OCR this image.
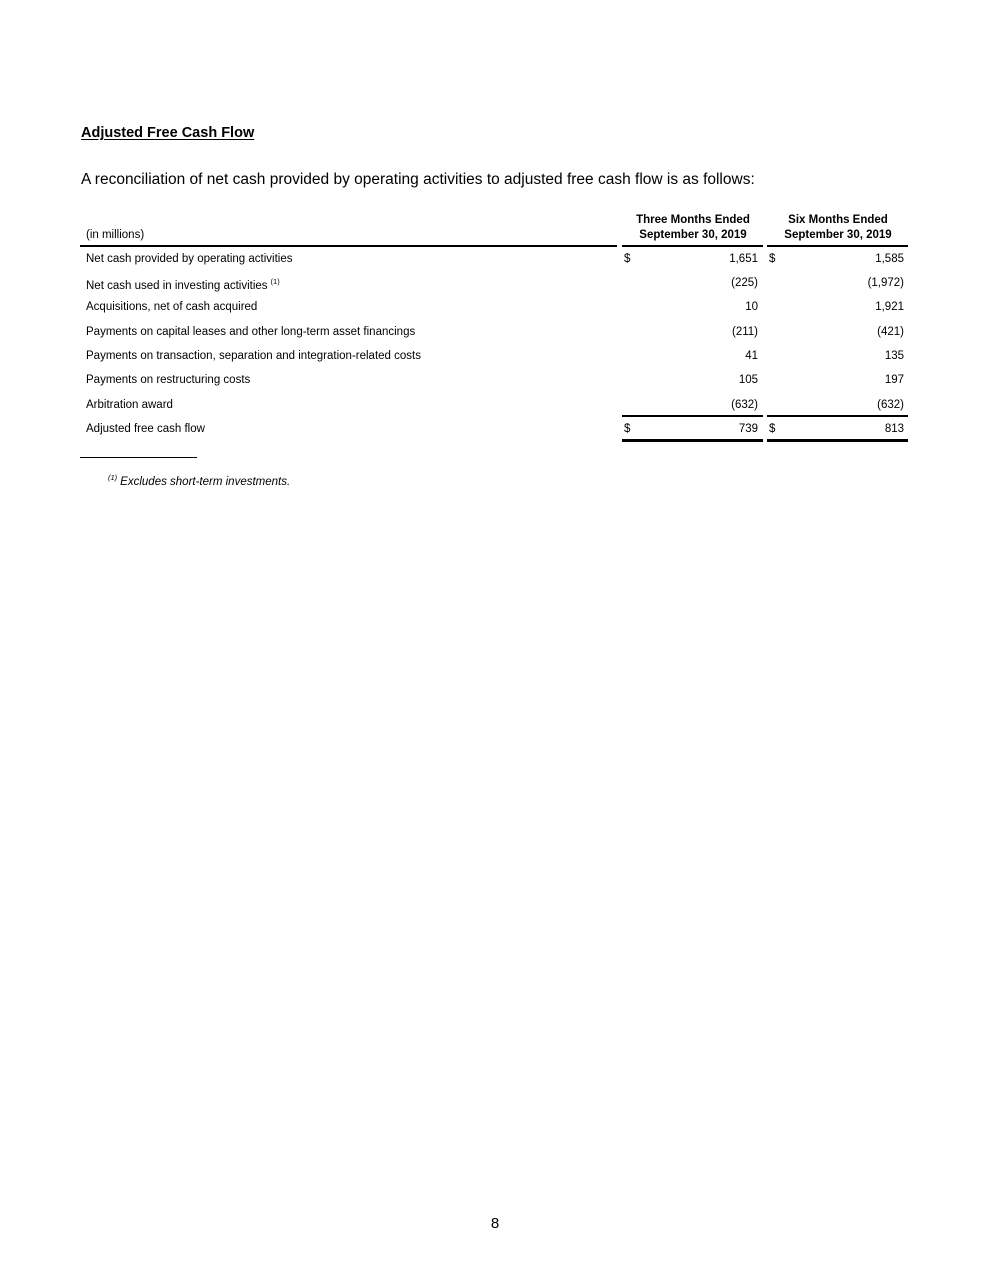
Adjusted Free Cash Flow
A reconciliation of net cash provided by operating activities to adjusted free cash flow is as follows:
(in millions)
Three Months Ended
September 30, 2019
Six Months Ended
September 30, 2019
Net cash provided by operating activities	$	1,651 $	1,585
Net cash used in investing activities $^{(1)}$	(225)	(1,972)
Acquisitions, net of cash acquired	10	1,921
Payments on capital leases and other long-term asset financings	(211)	(421)
Payments on transaction, separation and integration-related costs	41	135
Payments on restructuring costs	105	197
Arbitration award	(632)	(632)
Adjusted free cash flow	$	739 $	813
$^{(1)}$ Excludes short-term investments.
8
